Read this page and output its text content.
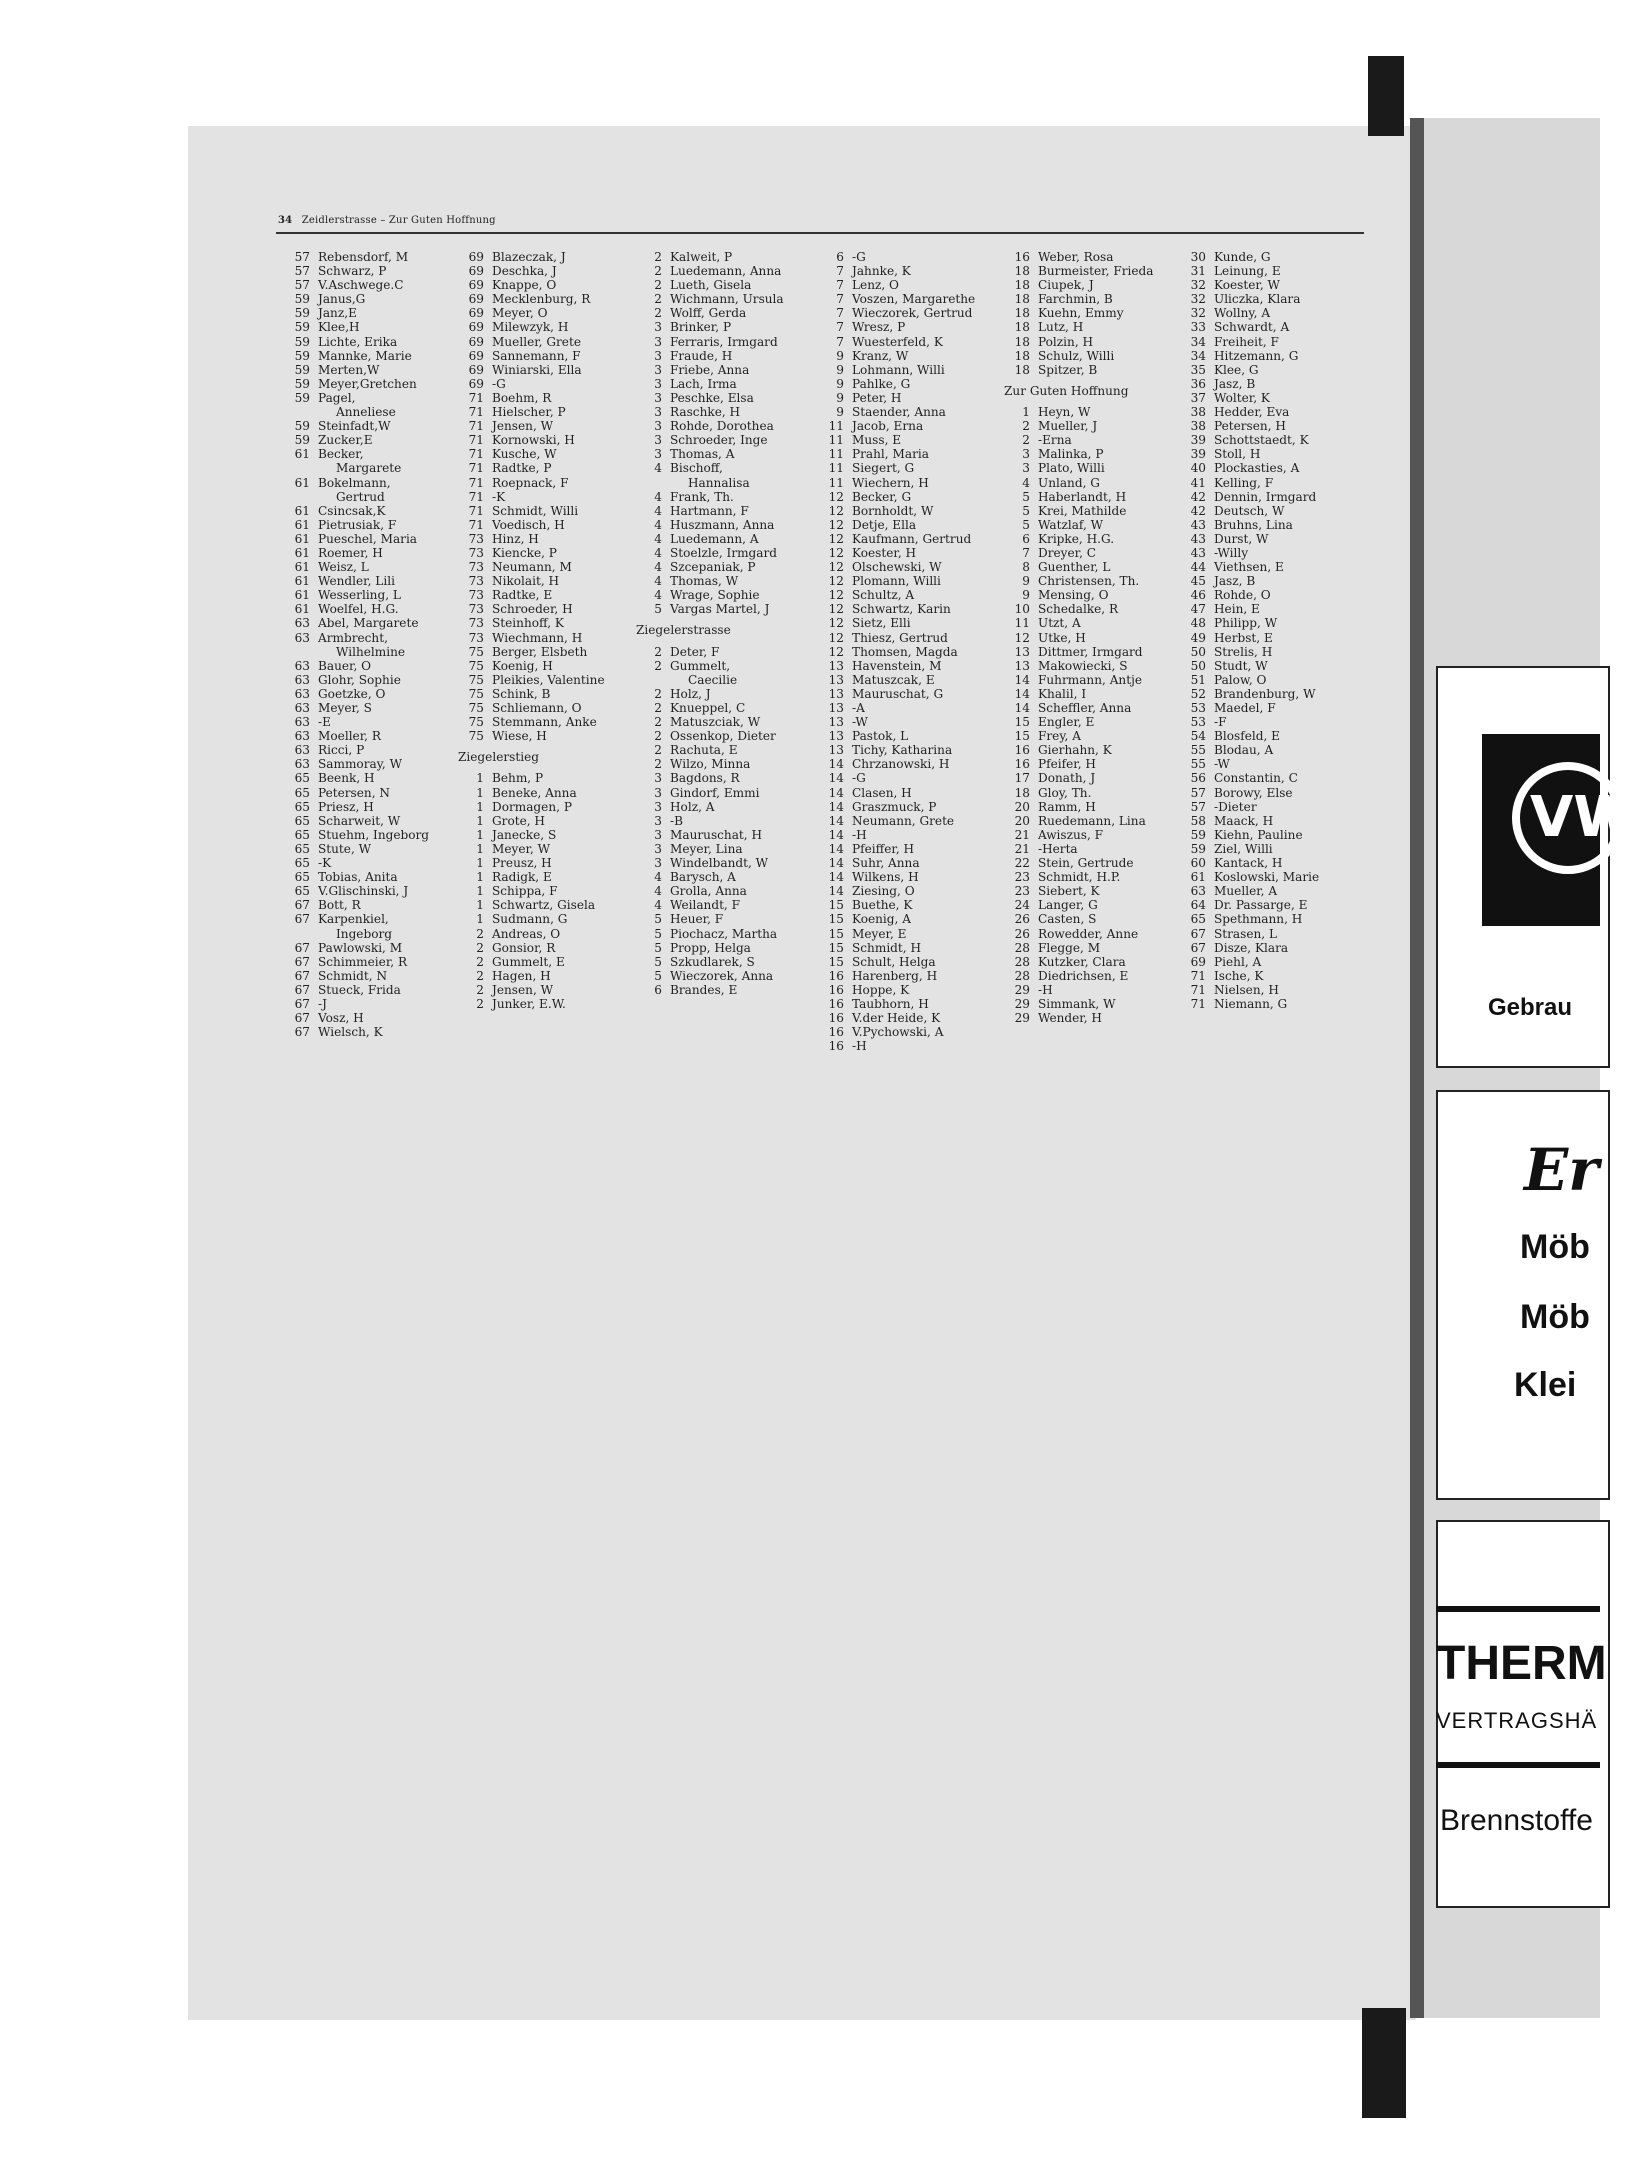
34 Zeidlerstrasse – Zur Guten Hoffnung
57 Rebensdorf, M
57 Schwarz, P
57 V.Aschwege.C
59 Janus,G
59 Janz,E
59 Klee,H
59 Lichte, Erika
59 Mannke, Marie
59 Merten,W
59 Meyer,Gretchen
59 Pagel,
Anneliese
59 Steinfadt,W
59 Zucker,E
61 Becker,
Margarete
61 Bokelmann,
Gertrud
61 Csincsak,K
61 Pietrusiak, F
61 Pueschel, Maria
61 Roemer, H
61 Weisz, L
61 Wendler, Lili
61 Wesserling, L
61 Woelfel, H.G.
63 Abel, Margarete
63 Armbrecht,
Wilhelmine
63 Bauer, O
63 Glohr, Sophie
63 Goetzke, O
63 Meyer, S
63 -E
63 Moeller, R
63 Ricci, P
63 Sammoray, W
65 Beenk, H
65 Petersen, N
65 Priesz, H
65 Scharweit, W
65 Stuehm, Ingeborg
65 Stute, W
65 -K
65 Tobias, Anita
65 V.Glischinski, J
67 Bott, R
67 Karpenkiel,
Ingeborg
67 Pawlowski, M
67 Schimmeier, R
67 Schmidt, N
67 Stueck, Frida
67 -J
67 Vosz, H
67 Wielsch, K
69 Blazeczak, J
69 Deschka, J
69 Knappe, O
69 Mecklenburg, R
69 Meyer, O
69 Milewzyk, H
69 Mueller, Grete
69 Sannemann, F
69 Winiarski, Ella
69 -G
71 Boehm, R
71 Hielscher, P
71 Jensen, W
71 Kornowski, H
71 Kusche, W
71 Radtke, P
71 Roepnack, F
71 -K
71 Schmidt, Willi
71 Voedisch, H
73 Hinz, H
73 Kiencke, P
73 Neumann, M
73 Nikolait, H
73 Radtke, E
73 Schroeder, H
73 Steinhoff, K
73 Wiechmann, H
75 Berger, Elsbeth
75 Koenig, H
75 Pleikies, Valentine
75 Schink, B
75 Schliemann, O
75 Stemmann, Anke
75 Wiese, H
Ziegelerstieg
1 Behm, P
1 Beneke, Anna
1 Dormagen, P
1 Grote, H
1 Janecke, S
1 Meyer, W
1 Preusz, H
1 Radigk, E
1 Schippa, F
1 Schwartz, Gisela
1 Sudmann, G
2 Andreas, O
2 Gonsior, R
2 Gummelt, E
2 Hagen, H
2 Jensen, W
2 Junker, E.W.
2 Kalweit, P
2 Luedemann, Anna
2 Lueth, Gisela
2 Wichmann, Ursula
2 Wolff, Gerda
3 Brinker, P
3 Ferraris, Irmgard
3 Fraude, H
3 Friebe, Anna
3 Lach, Irma
3 Peschke, Elsa
3 Raschke, H
3 Rohde, Dorothea
3 Schroeder, Inge
3 Thomas, A
4 Bischoff,
Hannalisa
4 Frank, Th.
4 Hartmann, F
4 Huszmann, Anna
4 Luedemann, A
4 Stoelzle, Irmgard
4 Szcepaniak, P
4 Thomas, W
4 Wrage, Sophie
5 Vargas Martel, J
Ziegelerstrasse
2 Deter, F
2 Gummelt,
Caecilie
2 Holz, J
2 Knueppel, C
2 Matuszciak, W
2 Ossenkop, Dieter
2 Rachuta, E
2 Wilzo, Minna
3 Bagdons, R
3 Gindorf, Emmi
3 Holz, A
3 -B
3 Mauruschat, H
3 Meyer, Lina
3 Windelbandt, W
4 Barysch, A
4 Grolla, Anna
4 Weilandt, F
5 Heuer, F
5 Piochacz, Martha
5 Propp, Helga
5 Szkudlarek, S
5 Wieczorek, Anna
6 Brandes, E
6 -G
7 Jahnke, K
7 Lenz, O
7 Voszen, Margarethe
7 Wieczorek, Gertrud
7 Wresz, P
7 Wuesterfeld, K
9 Kranz, W
9 Lohmann, Willi
9 Pahlke, G
9 Peter, H
9 Staender, Anna
11 Jacob, Erna
11 Muss, E
11 Prahl, Maria
11 Siegert, G
11 Wiechern, H
12 Becker, G
12 Bornholdt, W
12 Detje, Ella
12 Kaufmann, Gertrud
12 Koester, H
12 Olschewski, W
12 Plomann, Willi
12 Schultz, A
12 Schwartz, Karin
12 Sietz, Elli
12 Thiesz, Gertrud
12 Thomsen, Magda
13 Havenstein, M
13 Matuszcak, E
13 Mauruschat, G
13 -A
13 -W
13 Pastok, L
13 Tichy, Katharina
14 Chrzanowski, H
14 -G
14 Clasen, H
14 Graszmuck, P
14 Neumann, Grete
14 -H
14 Pfeiffer, H
14 Suhr, Anna
14 Wilkens, H
14 Ziesing, O
15 Buethe, K
15 Koenig, A
15 Meyer, E
15 Schmidt, H
15 Schult, Helga
16 Harenberg, H
16 Hoppe, K
16 Taubhorn, H
16 V.der Heide, K
16 V.Pychowski, A
16 -H
16 Weber, Rosa
18 Burmeister, Frieda
18 Ciupek, J
18 Farchmin, B
18 Kuehn, Emmy
18 Lutz, H
18 Polzin, H
18 Schulz, Willi
18 Spitzer, B
Zur Guten Hoffnung
1 Heyn, W
2 Mueller, J
2 -Erna
3 Malinka, P
3 Plato, Willi
4 Unland, G
5 Haberlandt, H
5 Krei, Mathilde
5 Watzlaf, W
6 Kripke, H.G.
7 Dreyer, C
8 Guenther, L
9 Christensen, Th.
9 Mensing, O
10 Schedalke, R
11 Utzt, A
12 Utke, H
13 Dittmer, Irmgard
13 Makowiecki, S
14 Fuhrmann, Antje
14 Khalil, I
14 Scheffler, Anna
15 Engler, E
15 Frey, A
16 Gierhahn, K
16 Pfeifer, H
17 Donath, J
18 Gloy, Th.
20 Ramm, H
20 Ruedemann, Lina
21 Awiszus, F
21 -Herta
22 Stein, Gertrude
23 Schmidt, H.P.
23 Siebert, K
24 Langer, G
26 Casten, S
26 Rowedder, Anne
28 Flegge, M
28 Kutzker, Clara
28 Diedrichsen, E
29 -H
29 Simmank, W
29 Wender, H
30 Kunde, G
31 Leinung, E
32 Koester, W
32 Uliczka, Klara
32 Wollny, A
33 Schwardt, A
34 Freiheit, F
34 Hitzemann, G
35 Klee, G
36 Jasz, B
37 Wolter, K
38 Hedder, Eva
38 Petersen, H
39 Schottstaedt, K
39 Stoll, H
40 Plockasties, A
41 Kelling, F
42 Dennin, Irmgard
42 Deutsch, W
43 Bruhns, Lina
43 Durst, W
43 -Willy
44 Viethsen, E
45 Jasz, B
46 Rohde, O
47 Hein, E
48 Philipp, W
49 Herbst, E
50 Strelis, H
50 Studt, W
51 Palow, O
52 Brandenburg, W
53 Maedel, F
53 -F
54 Blosfeld, E
55 Blodau, A
55 -W
56 Constantin, C
57 Borowy, Else
57 -Dieter
58 Maack, H
59 Kiehn, Pauline
59 Ziel, Willi
60 Kantack, H
61 Koslowski, Marie
63 Mueller, A
64 Dr. Passarge, E
65 Spethmann, H
67 Strasen, L
67 Disze, Klara
69 Piehl, A
71 Ische, K
71 Nielsen, H
71 Niemann, G
VW
Gebrau
Er
Möb
Möb
Klei
THERM
VERTRAGSHÄ
Brennstoffe
